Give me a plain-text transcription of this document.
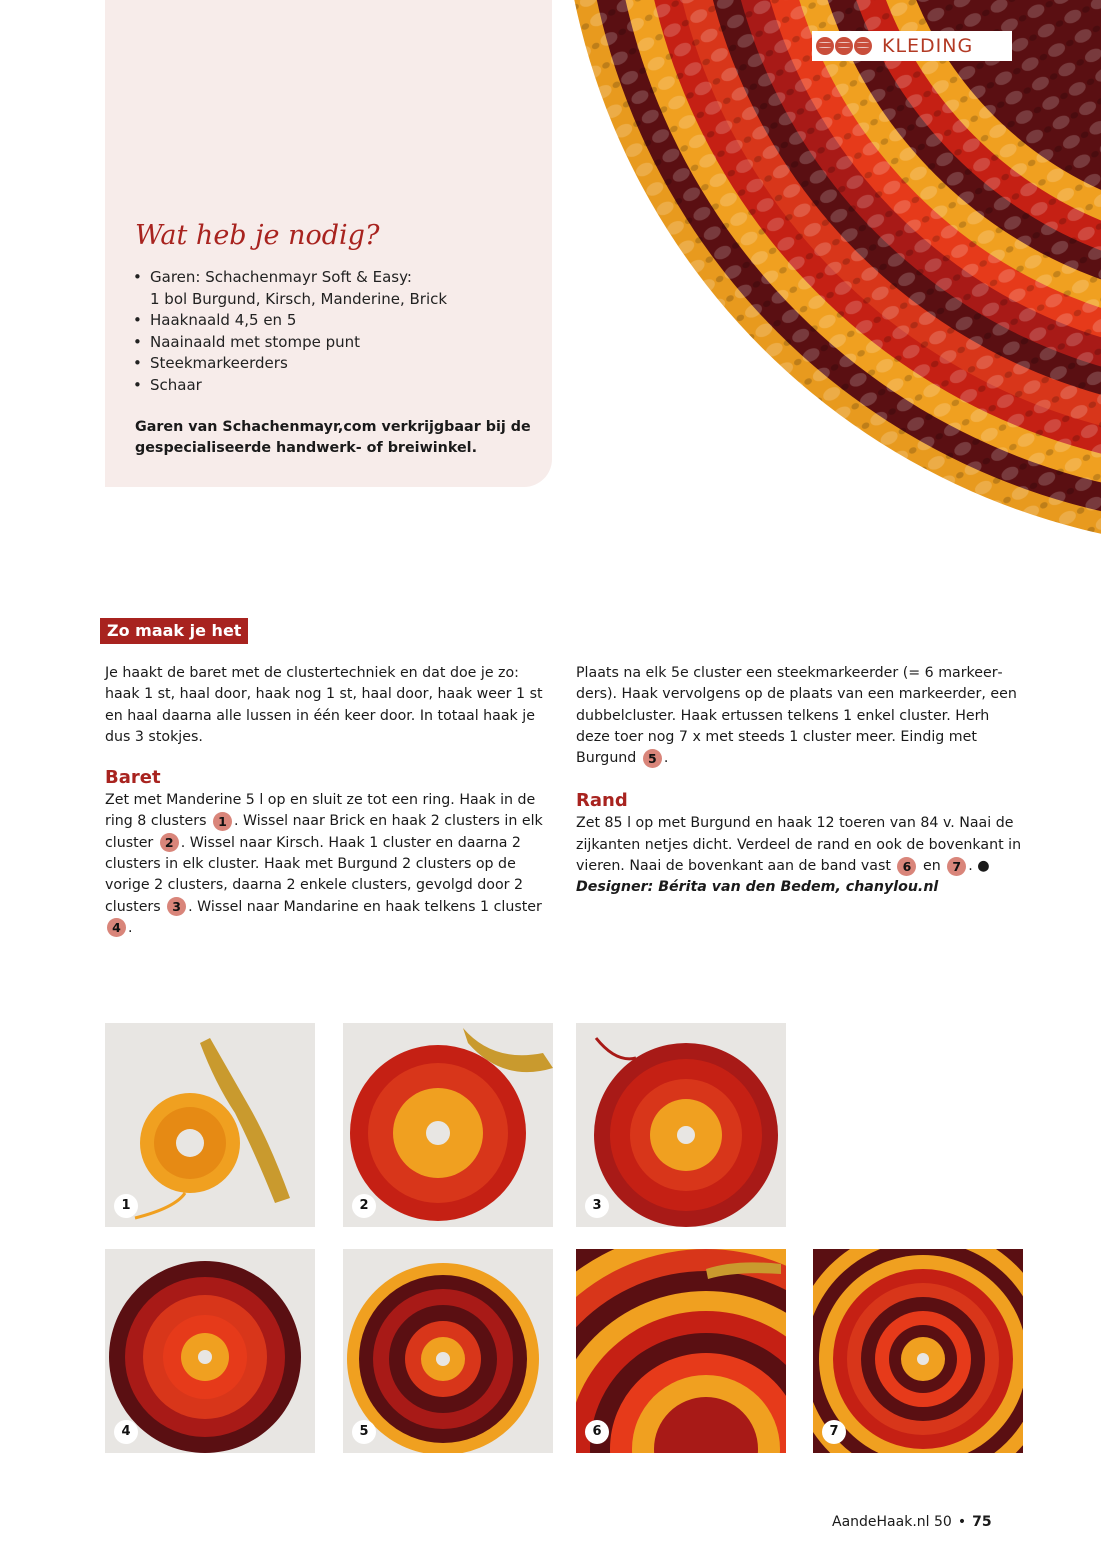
KLEDING
Wat heb je nodig?
• Garen: Schachenmayr Soft & Easy:
1 bol Burgund, Kirsch, Manderine, Brick
• Haaknaald 4,5 en 5
• Naainaald met stompe punt
• Steekmarkeerders
• Schaar
Garen van Schachenmayr,com verkrijgbaar bij de gespecialiseerde handwerk- of breiwinkel.
Zo maak je het

Je haakt de baret met de clustertechniek en dat doe je zo: haak 1 st, haal door, haak nog 1 st, haal door, haak weer 1 st en haal daarna alle lussen in één keer door. In totaal haak je dus 3 stokjes.

Baret

Zet met Manderine 5 l op en sluit ze tot een ring. Haak in de ring 8 clusters 1 . Wissel naar Brick en haak 2 clusters in elk cluster 2 . Wissel naar Kirsch. Haak 1 cluster en daarna 2 clusters in elk cluster. Haak met Burgund 2 clusters op de vorige 2 clusters, daarna 2 enkele clusters, gevolgd door 2 clusters 3 . Wissel naar Mandarine en haak telkens 1 cluster 4 .

Plaats na elk 5e cluster een steekmarkeerder (= 6 markeerders). Haak vervolgens op de plaats van een markeerder, een dubbelcluster. Haak ertussen telkens 1 enkel cluster. Herh deze toer nog 7 x met steeds 1 cluster meer. Eindig met Burgund 5 .

Rand

Zet 85 l op met Burgund en haak 12 toeren van 84 v. Naai de zijkanten netjes dicht. Verdeel de rand en ook de bovenkant in vieren. Naai de bovenkant aan de band vast 6 en 7 . ●

Designer: Bérita van den Bedem, chanylou.nl

1	2	3
4	5	6	7
AandeHaak.nl 50 • 75
